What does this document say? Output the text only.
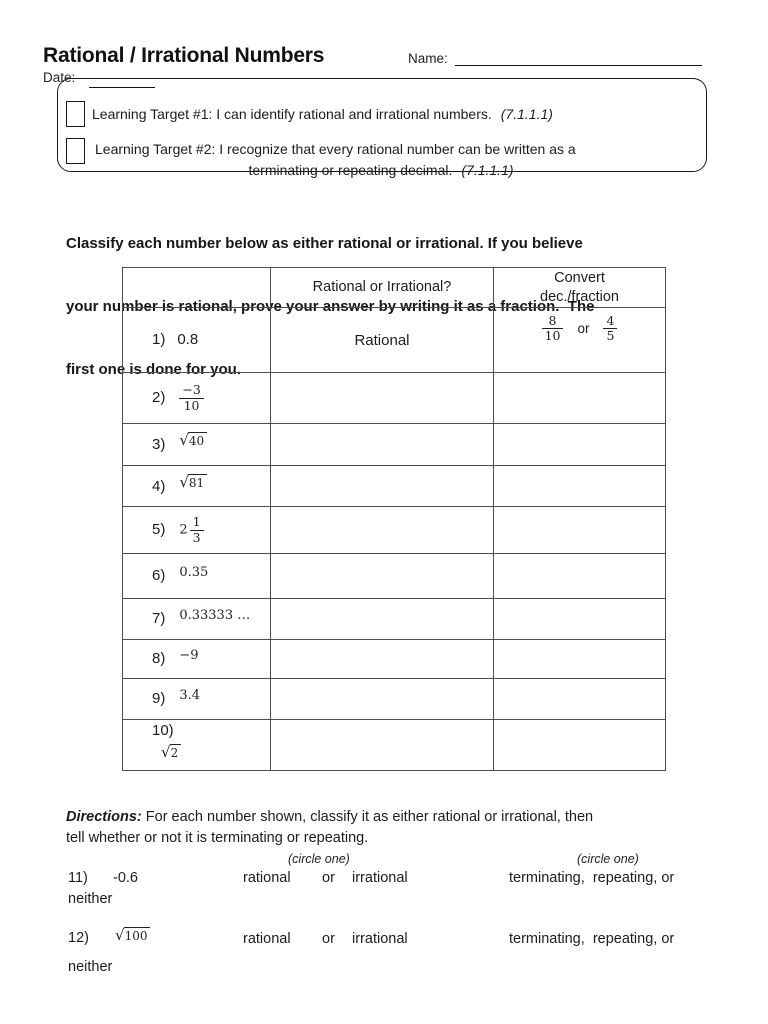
Rational / Irrational Numbers	Name:
Date:
Learning Target #1: I can identify rational and irrational numbers. (7.1.1.1)
Learning Target #2: I recognize that every rational number can be written as a
terminating or repeating decimal. (7.1.1.1)

Classify each number below as either rational or irrational. If you believe

your number is rational, prove your answer by writing it as a fraction.  The

first one is done for you.

	Rational or Irrational?	Convert
dec./fraction

1) 0.8	Rational	$\frac{8}{10}$ or $\frac{4}{5}$

$2) \frac{-3}{10}$

3) √40		
4) √81		
5) $2 \frac{1}{3}$

6) 0.35		
7) 0.33333 …		
8) −9		
9) 3.4		

10)
√2		

Directions: For each number shown, classify it as either rational or irrational, then
tell whether or not it is terminating or repeating.
(circle one)	(circle one)
11) -0.6	rational or irrational	terminating,  repeating, or
neither
12) √100	rational or irrational	terminating,  repeating, or
neither
